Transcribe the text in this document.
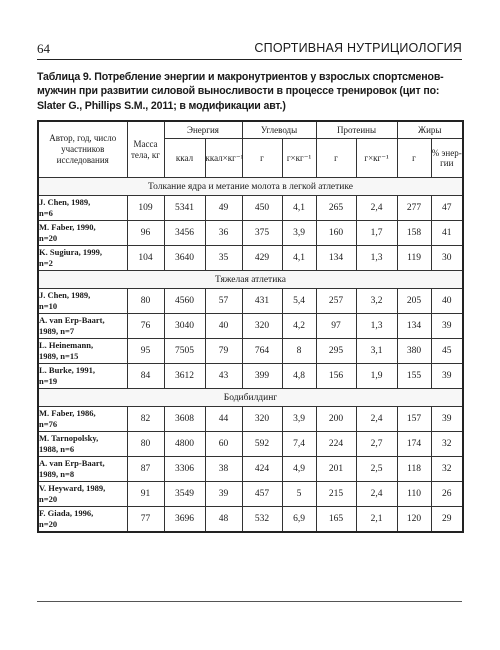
64	СПОРТИВНАЯ НУТРИЦИОЛОГИЯ
Таблица 9. Потребление энергии и макронутриентов у взрослых спортсменов-мужчин при развитии силовой выносливости в процессе тренировок (цит по: Slater G., Phillips S.M., 2011; в модификации авт.)
Автор, год, число участников исследования	Масса тела, кг	Энергия		Углеводы		Протеины		Жиры	
		ккал	ккал×кг⁻¹	г	г×кг⁻¹	г	г×кг⁻¹	г	% энер-гии
Толкание ядра и метание молота в легкой атлетике									

J. Chen, 1989,
n=6	109	5341	49	450	4,1	265	2,4	277	47

M. Faber, 1990,
n=20	96	3456	36	375	3,9	160	1,7	158	41

K. Sugiura, 1999,
n=2	104	3640	35	429	4,1	134	1,3	119	30
Тяжелая атлетика									

J. Chen, 1989,
n=10	80	4560	57	431	5,4	257	3,2	205	40

A. van Erp-Baart,
1989, n=7	76	3040	40	320	4,2	97	1,3	134	39

L. Heinemann,
1989, n=15	95	7505	79	764	8	295	3,1	380	45

L. Burke, 1991,
n=19	84	3612	43	399	4,8	156	1,9	155	39
Бодибилдинг									

M. Faber, 1986,
n=76	82	3608	44	320	3,9	200	2,4	157	39

M. Tarnopolsky,
1988, n=6	80	4800	60	592	7,4	224	2,7	174	32

A. van Erp-Baart,
1989, n=8	87	3306	38	424	4,9	201	2,5	118	32

V. Heyward, 1989,
n=20	91	3549	39	457	5	215	2,4	110	26

F. Giada, 1996,
n=20	77	3696	48	532	6,9	165	2,1	120	29
